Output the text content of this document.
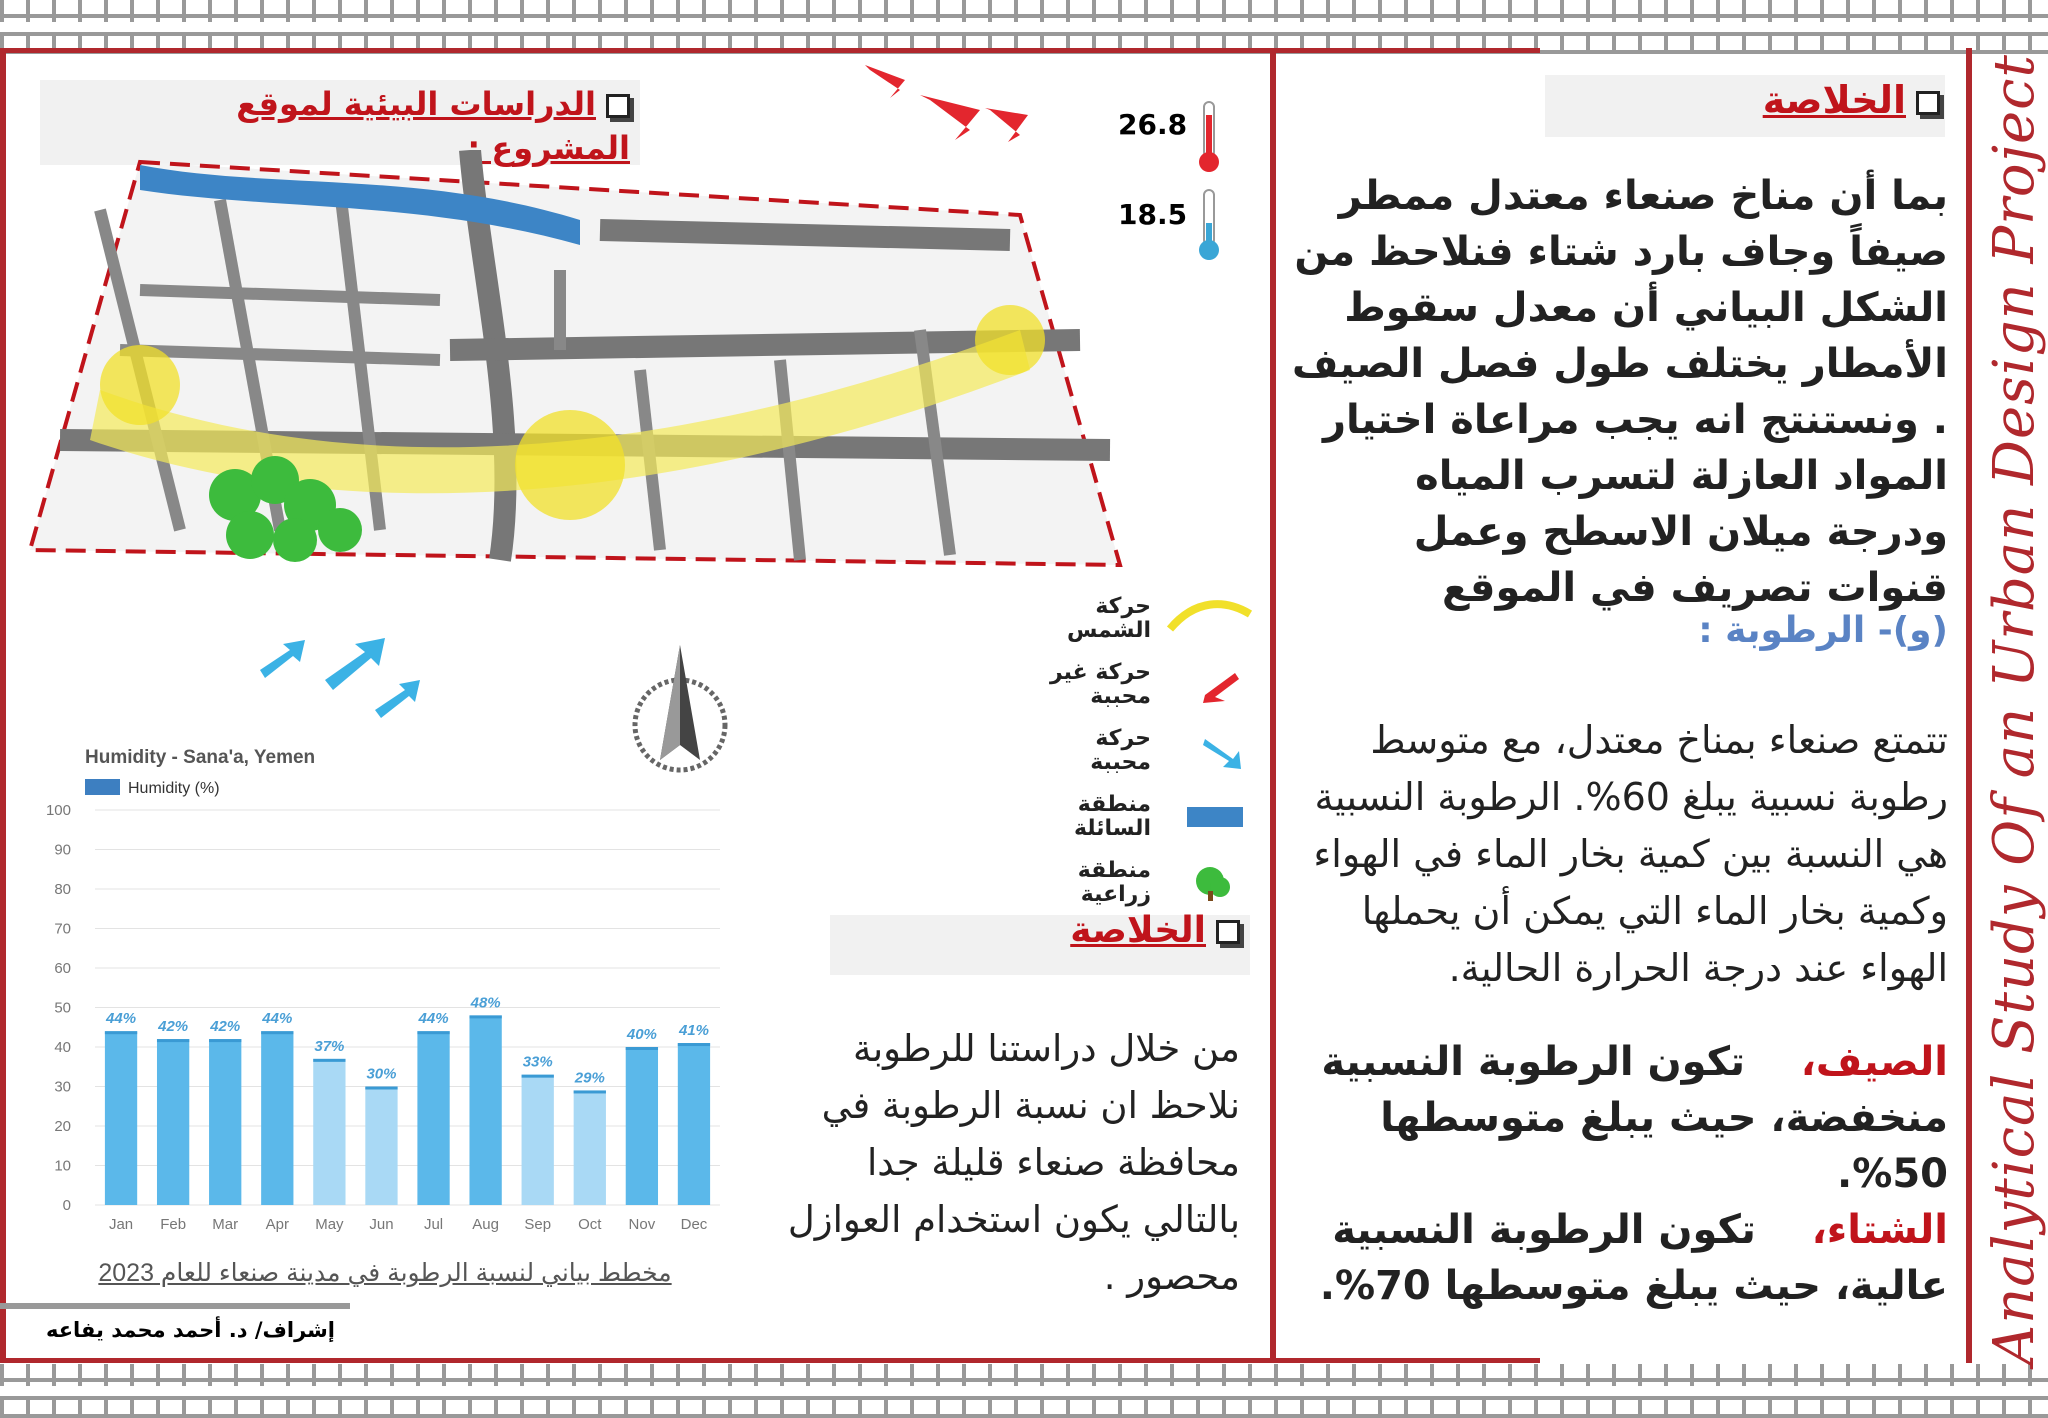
Analytical Study Of an Urban Design Project
الدراسات البيئية لموقع المشروع :
26.8
18.5
حركة الشمس
حركة غير محببة
حركة محببة
منطقة السائلة
منطقة زراعية
Humidity - Sana'a, Yemen
Humidity (%)
0
10
20
30
40
50
60
70
80
90
100
44%
Jan
42%
Feb
42%
Mar
44%
Apr
37%
May
30%
Jun
44%
Jul
48%
Aug
33%
Sep
29%
Oct
40%
Nov
41%
Dec
مخطط بياني لنسبة الرطوبة في مدينة صنعاء للعام 2023
الخلاصة
من خلال دراستنا للرطوبة نلاحظ ان نسبة الرطوبة في محافظة صنعاء قليلة جدا بالتالي يكون استخدام العوازل محصور .
إشراف/ د. أحمد محمد يفاعه
الخلاصة
بما أن مناخ صنعاء معتدل ممطر صيفاً وجاف بارد شتاء فنلاحظ من الشكل البياني أن معدل سقوط الأمطار يختلف طول فصل الصيف . ونستنتج انه يجب مراعاة اختيار المواد العازلة لتسرب المياه ودرجة ميلان الاسطح وعمل قنوات تصريف في الموقع
(و)- الرطوبة :
تتمتع صنعاء بمناخ معتدل، مع متوسط رطوبة نسبية يبلغ 60%. الرطوبة النسبية هي النسبة بين كمية بخار الماء في الهواء وكمية بخار الماء التي يمكن أن يحملها الهواء عند درجة الحرارة الحالية.
الصيف،    تكون الرطوبة النسبية منخفضة، حيث يبلغ متوسطها 50%.
الشتاء،    تكون الرطوبة النسبية عالية، حيث يبلغ متوسطها 70%.
